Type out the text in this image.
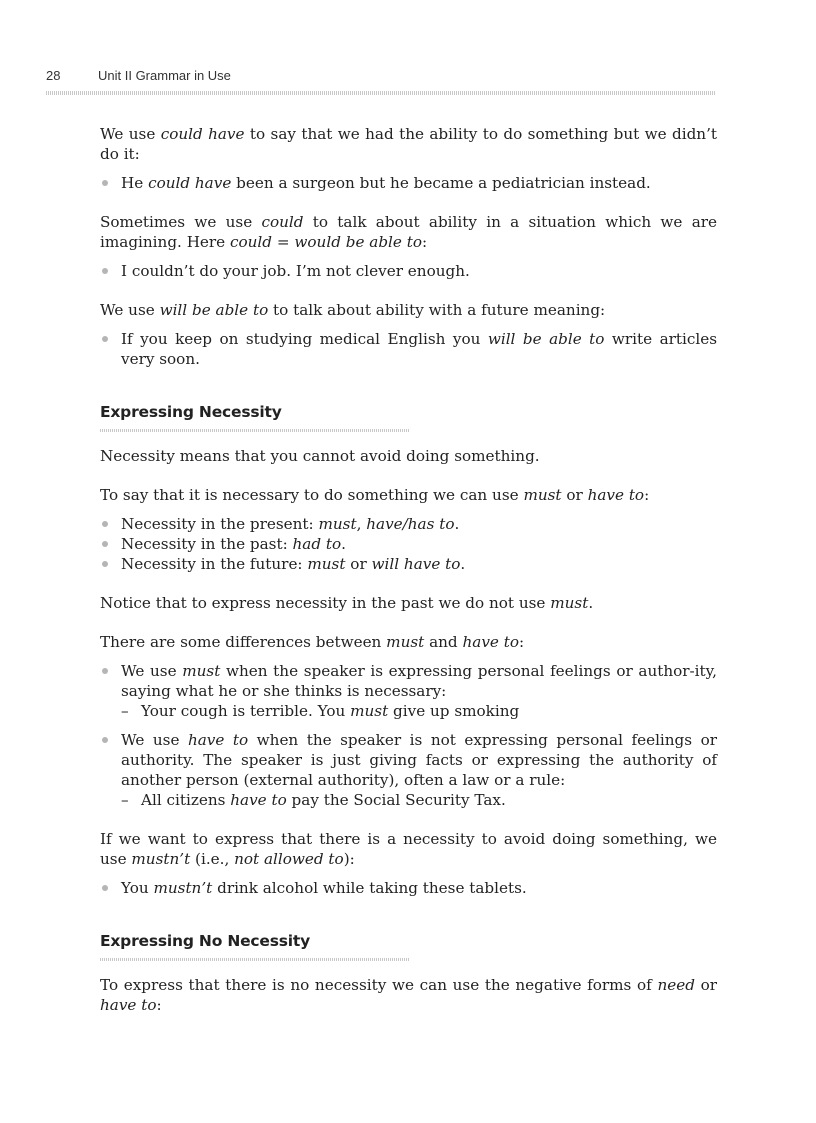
28	Unit II Grammar in Use

We use could have to say that we had the ability to do something but we didn’t do it:

He could have been a surgeon but he became a pediatrician instead.

Sometimes we use could to talk about ability in a situation which we are imagining. Here could = would be able to:

I couldn’t do your job. I’m not clever enough.

We use will be able to to talk about ability with a future meaning:

If you keep on studying medical English you will be able to write articles very soon.
Expressing Necessity

Necessity means that you cannot avoid doing something.

To say that it is necessary to do something we can use must or have to:

Necessity in the present: must, have/has to.
Necessity in the past: had to.
Necessity in the future: must or will have to.

Notice that to express necessity in the past we do not use must.

There are some differences between must and have to:

We use must when the speaker is expressing personal feelings or author-ity, saying what he or she thinks is necessary:
– Your cough is terrible. You must give up smoking
We use have to when the speaker is not expressing personal feelings or authority. The speaker is just giving facts or expressing the authority of another person (external authority), often a law or a rule:
– All citizens have to pay the Social Security Tax.

If we want to express that there is a necessity to avoid doing something, we use mustn’t (i.e., not allowed to):

You mustn’t drink alcohol while taking these tablets.
Expressing No Necessity

To express that there is no necessity we can use the negative forms of need or have to:
